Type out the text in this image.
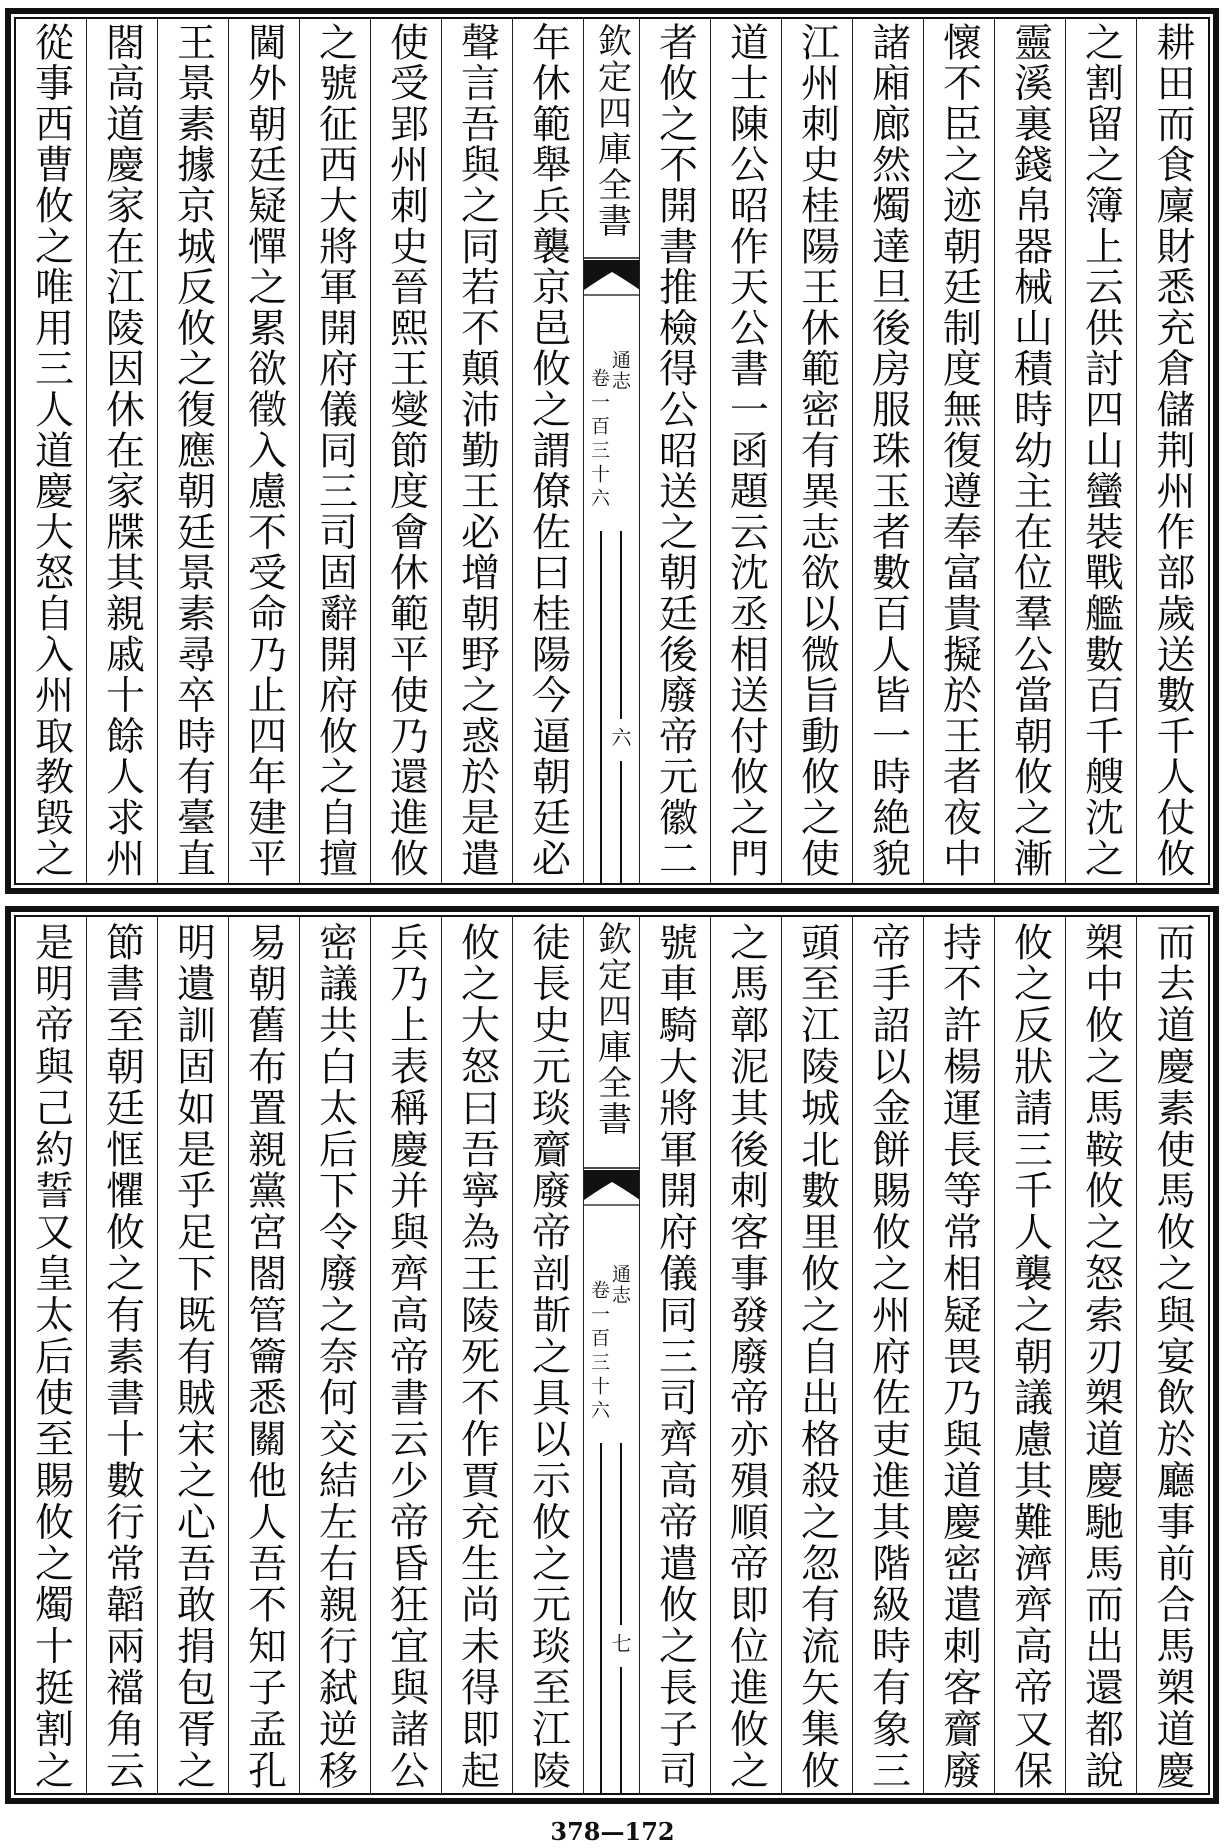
耕田而食廩財悉充倉儲荆州作部歲送數千人仗攸
之割留之簿上云供討四山蠻裝戰艦數百千艘沈之
靈溪裏錢帛器械山積時幼主在位羣公當朝攸之漸
懷不臣之迹朝廷制度無復遵奉富貴擬於王者夜中
諸廂廊然燭達旦後房服珠玉者數百人皆一時絶貌
江州刺史桂陽王休範密有異志欲以微旨動攸之使
道士陳公昭作天公書一函題云沈丞相送付攸之門
者攸之不開書推檢得公昭送之朝廷後廢帝元徽二
欽定四庫全書
通志
卷一百三十六
六
年休範舉兵襲京邑攸之謂僚佐曰桂陽今逼朝廷必
聲言吾與之同若不顛沛勤王必增朝野之惑於是遣
使受郢州刺史晉熙王燮節度會休範平使乃還進攸
之號征西大將軍開府儀同三司固辭開府攸之自擅
閫外朝廷疑憚之累欲徵入慮不受命乃止四年建平
王景素據京城反攸之復應朝廷景素尋卒時有臺直
閤高道慶家在江陵因休在家牒其親戚十餘人求州
從事西曹攸之唯用三人道慶大怒自入州取教毀之
而去道慶素使馬攸之與宴飲於廳事前合馬槊道慶
槊中攸之馬鞍攸之怒索刃槊道慶馳馬而出還都說
攸之反狀請三千人襲之朝議慮其難濟齊高帝又保
持不許楊運長等常相疑畏乃與道慶密遣刺客齎廢
帝手詔以金餅賜攸之州府佐吏進其階級時有象三
頭至江陵城北數里攸之自出格殺之忽有流矢集攸
之馬鄣泥其後刺客事發廢帝亦殞順帝即位進攸之
號車騎大將軍開府儀同三司齊高帝遣攸之長子司
欽定四庫全書
通志
卷一百三十六
七
徒長史元琰齎廢帝剖斮之具以示攸之元琰至江陵
攸之大怒曰吾寧為王陵死不作賈充生尚未得即起
兵乃上表稱慶并與齊高帝書云少帝昏狂宜與諸公
密議共白太后下令廢之奈何交結左右親行弑逆移
易朝舊布置親黨宮閤管籥悉關他人吾不知子孟孔
明遺訓固如是乎足下既有賊宋之心吾敢捐包胥之
節書至朝廷恇懼攸之有素書十數行常韜兩襠角云
是明帝與己約誓又皇太后使至賜攸之燭十挺割之
378—172
